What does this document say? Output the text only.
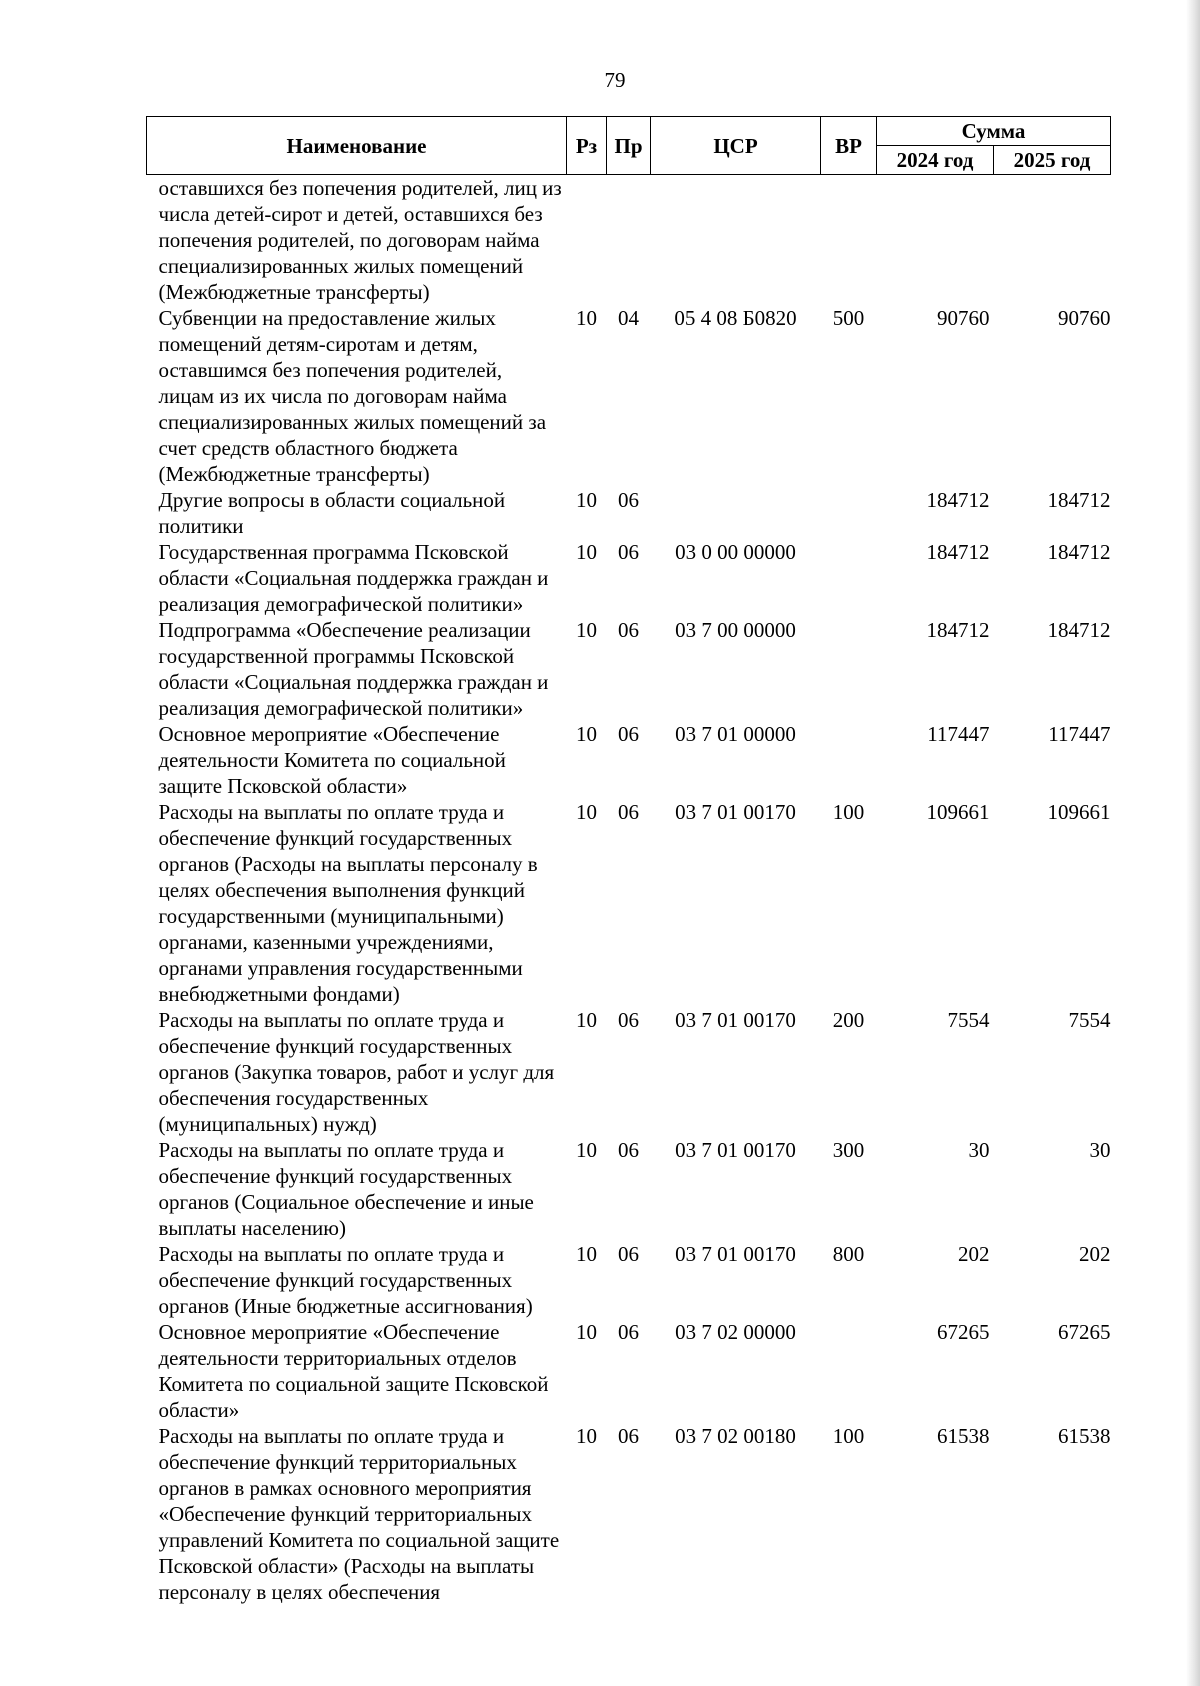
79
Наименование	Рз	Пр	ЦСР	ВР	Сумма	
					2024 год	2025 год
оставшихся без попечения родителей, лиц из числа детей-сирот и детей, оставшихся без попечения родителей, по договорам найма специализированных жилых помещений (Межбюджетные трансферты)						
Субвенции на предоставление жилых помещений детям-сиротам и детям, оставшимся без попечения родителей, лицам из их числа по договорам найма специализированных жилых помещений за счет средств областного бюджета (Межбюджетные трансферты)	10	04	05 4 08 Б0820	500	90760	90760
Другие вопросы в области социальной политики	10	06			184712	184712
Государственная программа Псковской области «Социальная поддержка граждан и реализация демографической политики»	10	06	03 0 00 00000		184712	184712
Подпрограмма «Обеспечение реализации государственной программы Псковской области «Социальная поддержка граждан и реализация демографической политики»	10	06	03 7 00 00000		184712	184712
Основное мероприятие «Обеспечение деятельности Комитета по социальной защите Псковской области»	10	06	03 7 01 00000		117447	117447
Расходы на выплаты по оплате труда и обеспечение функций государственных органов (Расходы на выплаты персоналу в целях обеспечения выполнения функций государственными (муниципальными) органами, казенными учреждениями, органами управления государственными внебюджетными фондами)	10	06	03 7 01 00170	100	109661	109661
Расходы на выплаты по оплате труда и обеспечение функций государственных органов (Закупка товаров, работ и услуг для обеспечения государственных (муниципальных) нужд)	10	06	03 7 01 00170	200	7554	7554
Расходы на выплаты по оплате труда и обеспечение функций государственных органов (Социальное обеспечение и иные выплаты населению)	10	06	03 7 01 00170	300	30	30
Расходы на выплаты по оплате труда и обеспечение функций государственных органов (Иные бюджетные ассигнования)	10	06	03 7 01 00170	800	202	202
Основное мероприятие «Обеспечение деятельности территориальных отделов Комитета по социальной защите Псковской области»	10	06	03 7 02 00000		67265	67265
Расходы на выплаты по оплате труда и обеспечение функций территориальных органов в рамках основного мероприятия «Обеспечение функций территориальных управлений Комитета по социальной защите Псковской области» (Расходы на выплаты персоналу в целях обеспечения	10	06	03 7 02 00180	100	61538	61538
